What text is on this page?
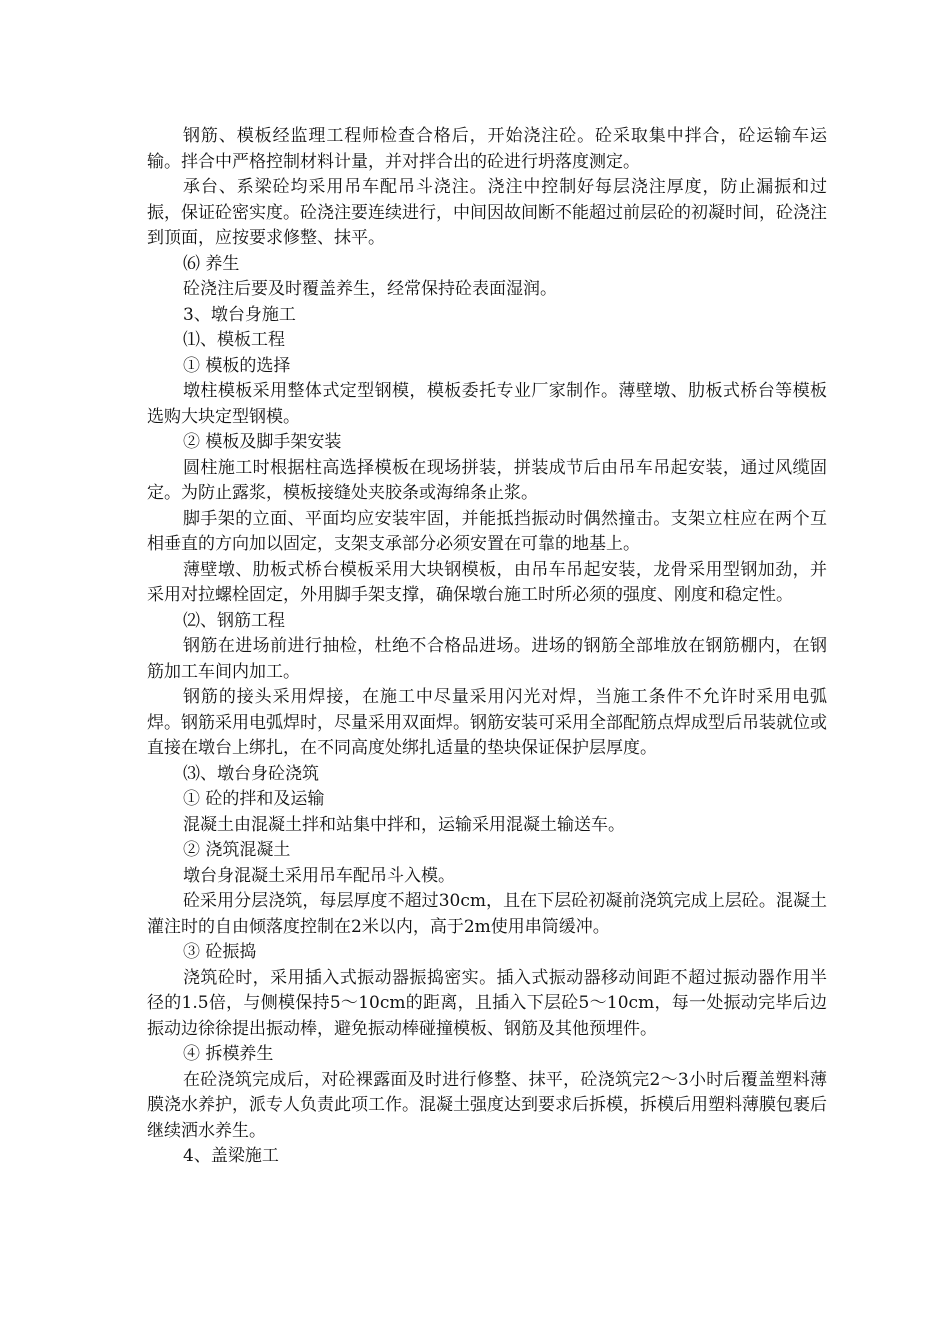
钢筋、模板经监理工程师检查合格后，开始浇注砼。砼采取集中拌合，砼运输车运输。拌合中严格控制材料计量，并对拌合出的砼进行坍落度测定。

承台、系梁砼均采用吊车配吊斗浇注。浇注中控制好每层浇注厚度，防止漏振和过振，保证砼密实度。砼浇注要连续进行，中间因故间断不能超过前层砼的初凝时间，砼浇注到顶面，应按要求修整、抹平。

⑹ 养生

砼浇注后要及时覆盖养生，经常保持砼表面湿润。

3、墩台身施工

⑴、模板工程

① 模板的选择

墩柱模板采用整体式定型钢模，模板委托专业厂家制作。薄壁墩、肋板式桥台等模板选购大块定型钢模。

② 模板及脚手架安装

圆柱施工时根据柱高选择模板在现场拼装，拼装成节后由吊车吊起安装，通过风缆固定。为防止露浆，模板接缝处夹胶条或海绵条止浆。

脚手架的立面、平面均应安装牢固，并能抵挡振动时偶然撞击。支架立柱应在两个互相垂直的方向加以固定，支架支承部分必须安置在可靠的地基上。

薄壁墩、肋板式桥台模板采用大块钢模板，由吊车吊起安装，龙骨采用型钢加劲，并采用对拉螺栓固定，外用脚手架支撑，确保墩台施工时所必须的强度、刚度和稳定性。

⑵、钢筋工程

钢筋在进场前进行抽检，杜绝不合格品进场。进场的钢筋全部堆放在钢筋棚内，在钢筋加工车间内加工。

钢筋的接头采用焊接，在施工中尽量采用闪光对焊，当施工条件不允许时采用电弧焊。钢筋采用电弧焊时，尽量采用双面焊。钢筋安装可采用全部配筋点焊成型后吊装就位或直接在墩台上绑扎，在不同高度处绑扎适量的垫块保证保护层厚度。

⑶、墩台身砼浇筑

① 砼的拌和及运输

混凝土由混凝土拌和站集中拌和，运输采用混凝土输送车。

② 浇筑混凝土

墩台身混凝土采用吊车配吊斗入模。

砼采用分层浇筑，每层厚度不超过30cm，且在下层砼初凝前浇筑完成上层砼。混凝土灌注时的自由倾落度控制在2米以内，高于2m使用串筒缓冲。

③ 砼振捣

浇筑砼时，采用插入式振动器振捣密实。插入式振动器移动间距不超过振动器作用半径的1.5倍，与侧模保持5～10cm的距离，且插入下层砼5～10cm，每一处振动完毕后边振动边徐徐提出振动棒，避免振动棒碰撞模板、钢筋及其他预埋件。

④ 拆模养生

在砼浇筑完成后，对砼裸露面及时进行修整、抹平，砼浇筑完2～3小时后覆盖塑料薄膜浇水养护，派专人负责此项工作。混凝土强度达到要求后拆模，拆模后用塑料薄膜包裹后继续洒水养生。

4、盖梁施工
